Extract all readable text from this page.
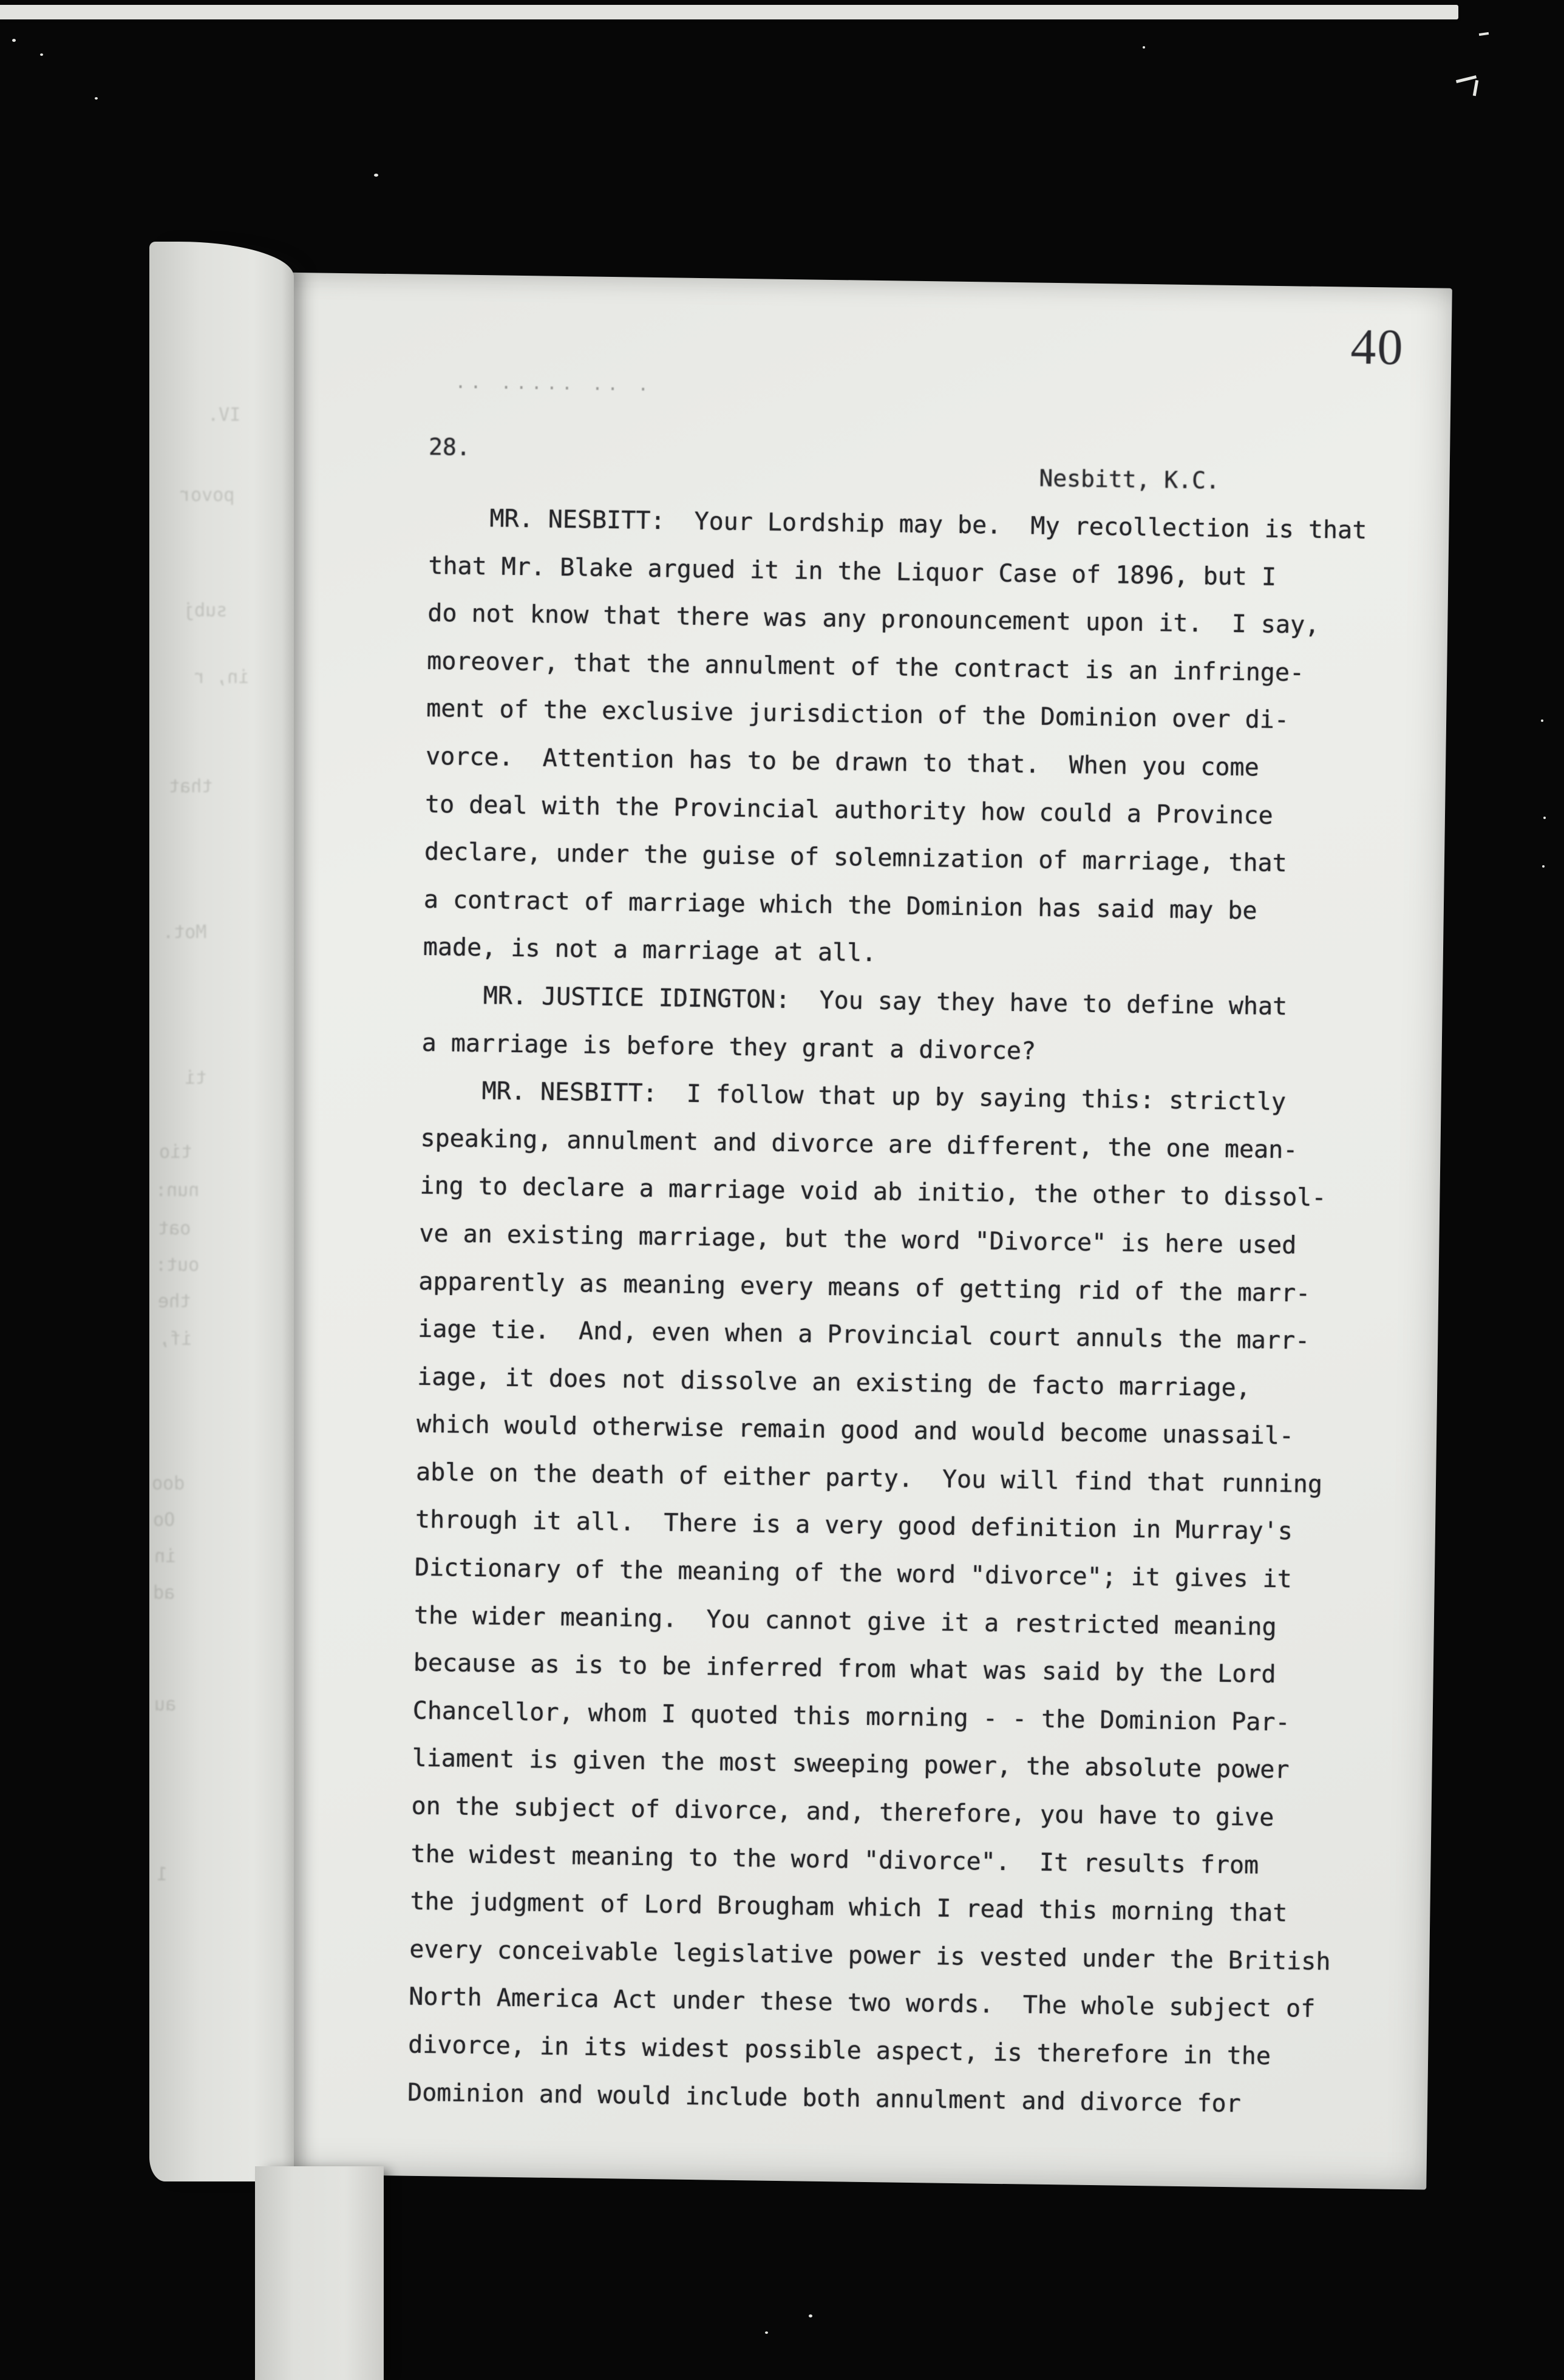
40
·· ····· ·· ·
28.
Nesbitt, K.C.
MR. NESBITT:  Your Lordship may be.  My recollection is that
that Mr. Blake argued it in the Liquor Case of 1896, but I
do not know that there was any pronouncement upon it.  I say,
moreover, that the annulment of the contract is an infringe-
ment of the exclusive jurisdiction of the Dominion over di-
vorce.  Attention has to be drawn to that.  When you come
to deal with the Provincial authority how could a Province
declare, under the guise of solemnization of marriage, that
a contract of marriage which the Dominion has said may be
made, is not a marriage at all.
MR. JUSTICE IDINGTON:  You say they have to define what
a marriage is before they grant a divorce?
MR. NESBITT:  I follow that up by saying this: strictly
speaking, annulment and divorce are different, the one mean-
ing to declare a marriage void ab initio, the other to dissol-
ve an existing marriage, but the word "Divorce" is here used
apparently as meaning every means of getting rid of the marr-
iage tie.  And, even when a Provincial court annuls the marr-
iage, it does not dissolve an existing de facto marriage,
which would otherwise remain good and would become unassail-
able on the death of either party.  You will find that running
through it all.  There is a very good definition in Murray's
Dictionary of the meaning of the word "divorce"; it gives it
the wider meaning.  You cannot give it a restricted meaning
because as is to be inferred from what was said by the Lord
Chancellor, whom I quoted this morning - - the Dominion Par-
liament is given the most sweeping power, the absolute power
on the subject of divorce, and, therefore, you have to give
the widest meaning to the word "divorce".  It results from
the judgment of Lord Brougham which I read this morning that
every conceivable legislative power is vested under the British
North America Act under these two words.  The whole subject of
divorce, in its widest possible aspect, is therefore in the
Dominion and would include both annulment and divorce for
IV.
povor
subj
in, r
that
Mot.
ti
tio
nun:
oat
out:
the
if,
doo
Oo
in
ad
au
1
